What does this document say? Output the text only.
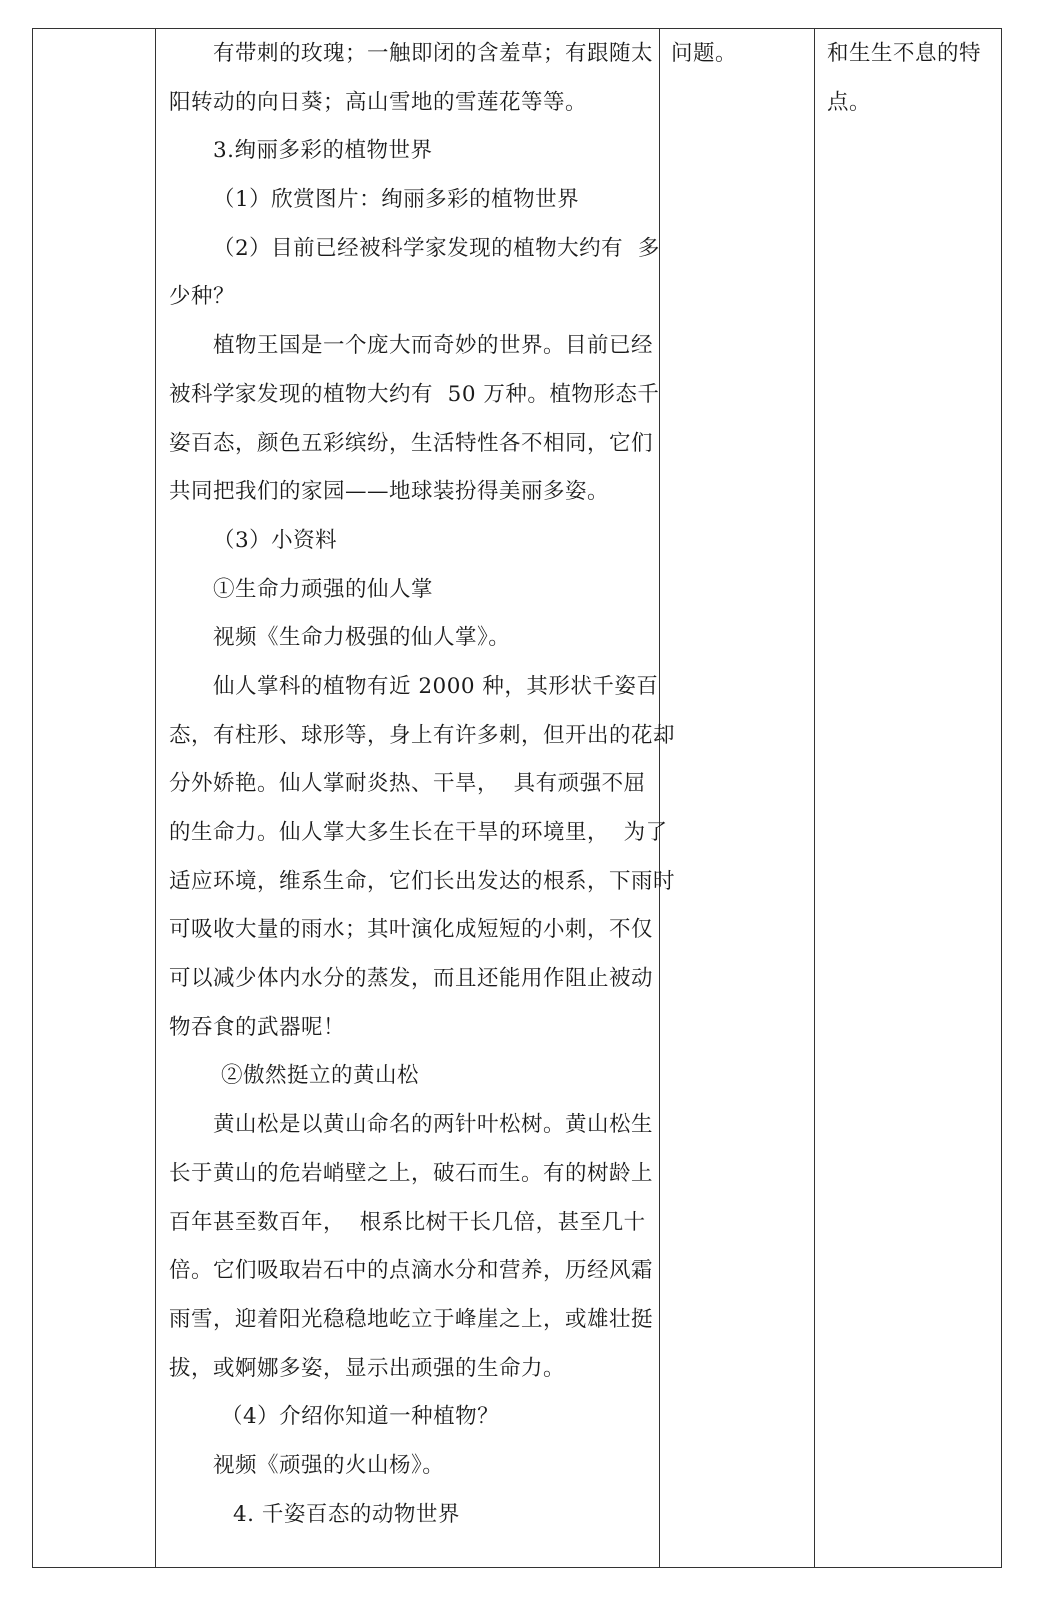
有带刺的玫瑰；一触即闭的含羞草；有跟随太
阳转动的向日葵；高山雪地的雪莲花等等。
3.绚丽多彩的植物世界
（1）欣赏图片：绚丽多彩的植物世界
（2）目前已经被科学家发现的植物大约有  多
少种？
植物王国是一个庞大而奇妙的世界。目前已经
被科学家发现的植物大约有  50 万种。植物形态千
姿百态，颜色五彩缤纷，生活特性各不相同，它们
共同把我们的家园——地球装扮得美丽多姿。
（3）小资料
①生命力顽强的仙人掌
视频《生命力极强的仙人掌》。
仙人掌科的植物有近 2000 种，其形状千姿百
态，有柱形、球形等，身上有许多刺，但开出的花却
分外娇艳。仙人掌耐炎热、干旱，  具有顽强不屈
的生命力。仙人掌大多生长在干旱的环境里，  为了
适应环境，维系生命，它们长出发达的根系，下雨时
可吸收大量的雨水；其叶演化成短短的小刺，不仅
可以减少体内水分的蒸发，而且还能用作阻止被动
物吞食的武器呢！
②傲然挺立的黄山松
黄山松是以黄山命名的两针叶松树。黄山松生
长于黄山的危岩峭壁之上，破石而生。有的树龄上
百年甚至数百年，  根系比树干长几倍，甚至几十
倍。它们吸取岩石中的点滴水分和营养，历经风霜
雨雪，迎着阳光稳稳地屹立于峰崖之上，或雄壮挺
拔，或婀娜多姿，显示出顽强的生命力。
（4）介绍你知道一种植物？
视频《顽强的火山杨》。
4. 千姿百态的动物世界
问题。	和生生不息的特
点。
